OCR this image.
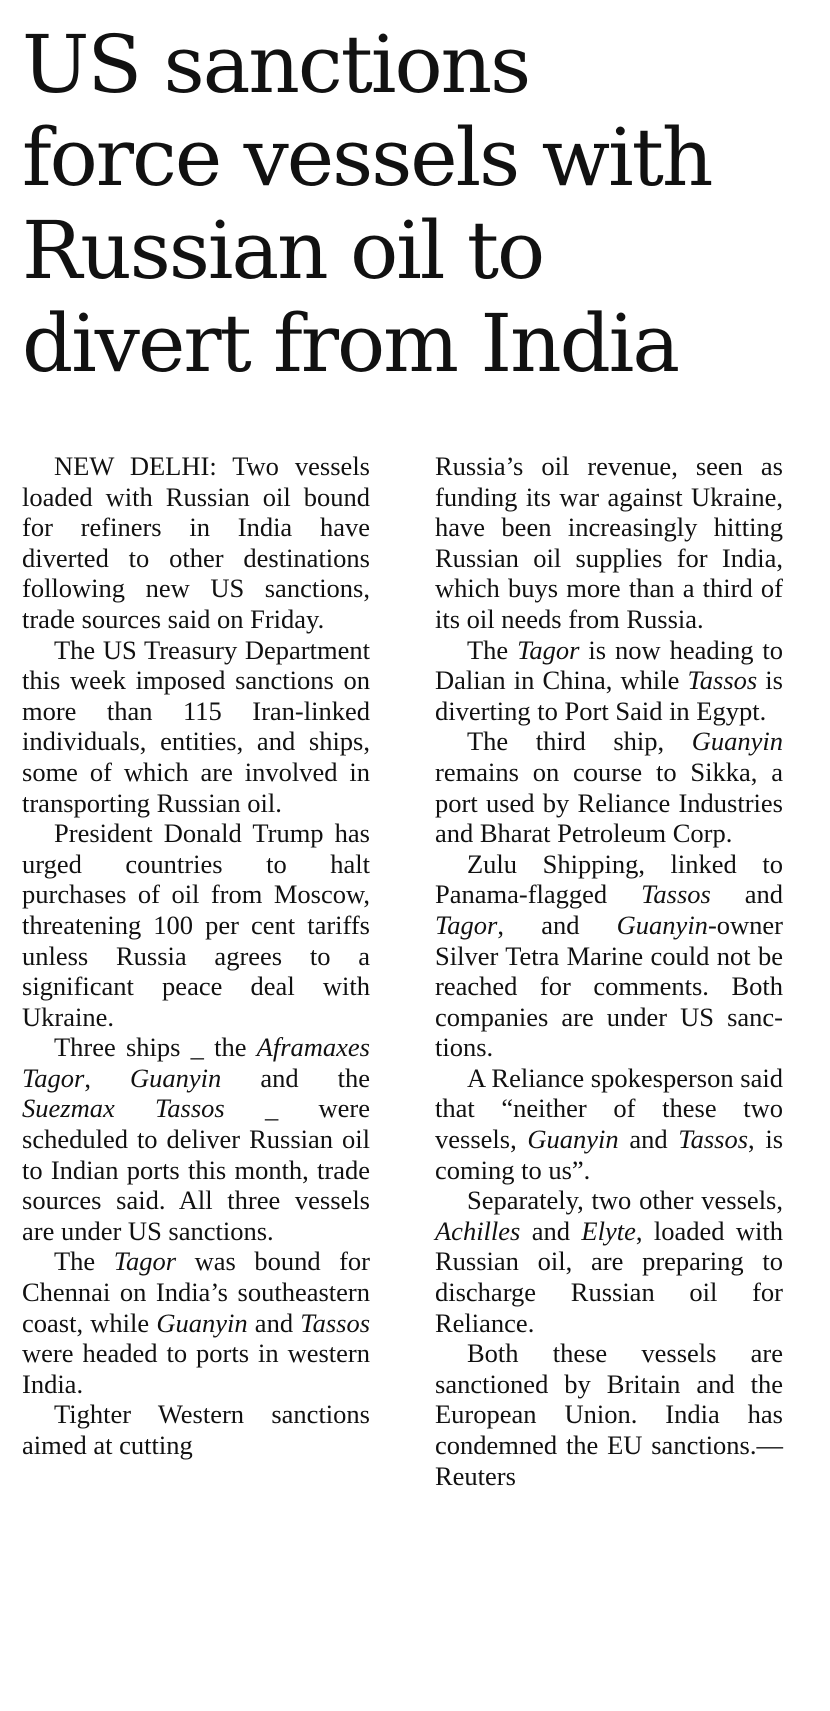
US sanctions
force vessels with
Russian oil to
divert from India

NEW DELHI: Two vessels loaded with Russian oil bound for refiners in India have diverted to other destinations following new US sanctions, trade sources said on Friday.

The US Treasury Department this week imposed sanctions on more than 115 Iran-linked individuals, entities, and ships, some of which are involved in transporting Russian oil.

President Donald Trump has urged countries to halt purchases of oil from Moscow, threatening 100 per cent tariffs unless Russia agrees to a significant peace deal with Ukraine.

Three ships _ the Aframaxes Tagor, Guanyin and the Suezmax Tassos _ were scheduled to deliver Russian oil to Indian ports this month, trade sources said. All three vessels are under US sanctions.

The Tagor was bound for Chennai on India’s southeastern coast, while Guanyin and Tassos were headed to ports in western India.

Tighter Western sanctions aimed at cutting

Russia’s oil revenue, seen as funding its war against Ukraine, have been increasingly hitting Russian oil supplies for India, which buys more than a third of its oil needs from Russia.

The Tagor is now heading to Dalian in China, while Tassos is diverting to Port Said in Egypt.

The third ship, Guanyin remains on course to Sikka, a port used by Reliance Industries and Bharat Petroleum Corp.

Zulu Shipping, linked to Panama-flagged Tassos and Tagor, and Guanyin-owner Silver Tetra Marine could not be reached for comments. Both companies are under US sanctions.

A Reliance spokesperson said that “neither of these two vessels, Guanyin and Tassos, is coming to us”.

Separately, two other vessels, Achilles and Elyte, loaded with Russian oil, are preparing to discharge Russian oil for Reliance.

Both these vessels are sanctioned by Britain and the European Union. India has condemned the EU sanctions.—Reuters
